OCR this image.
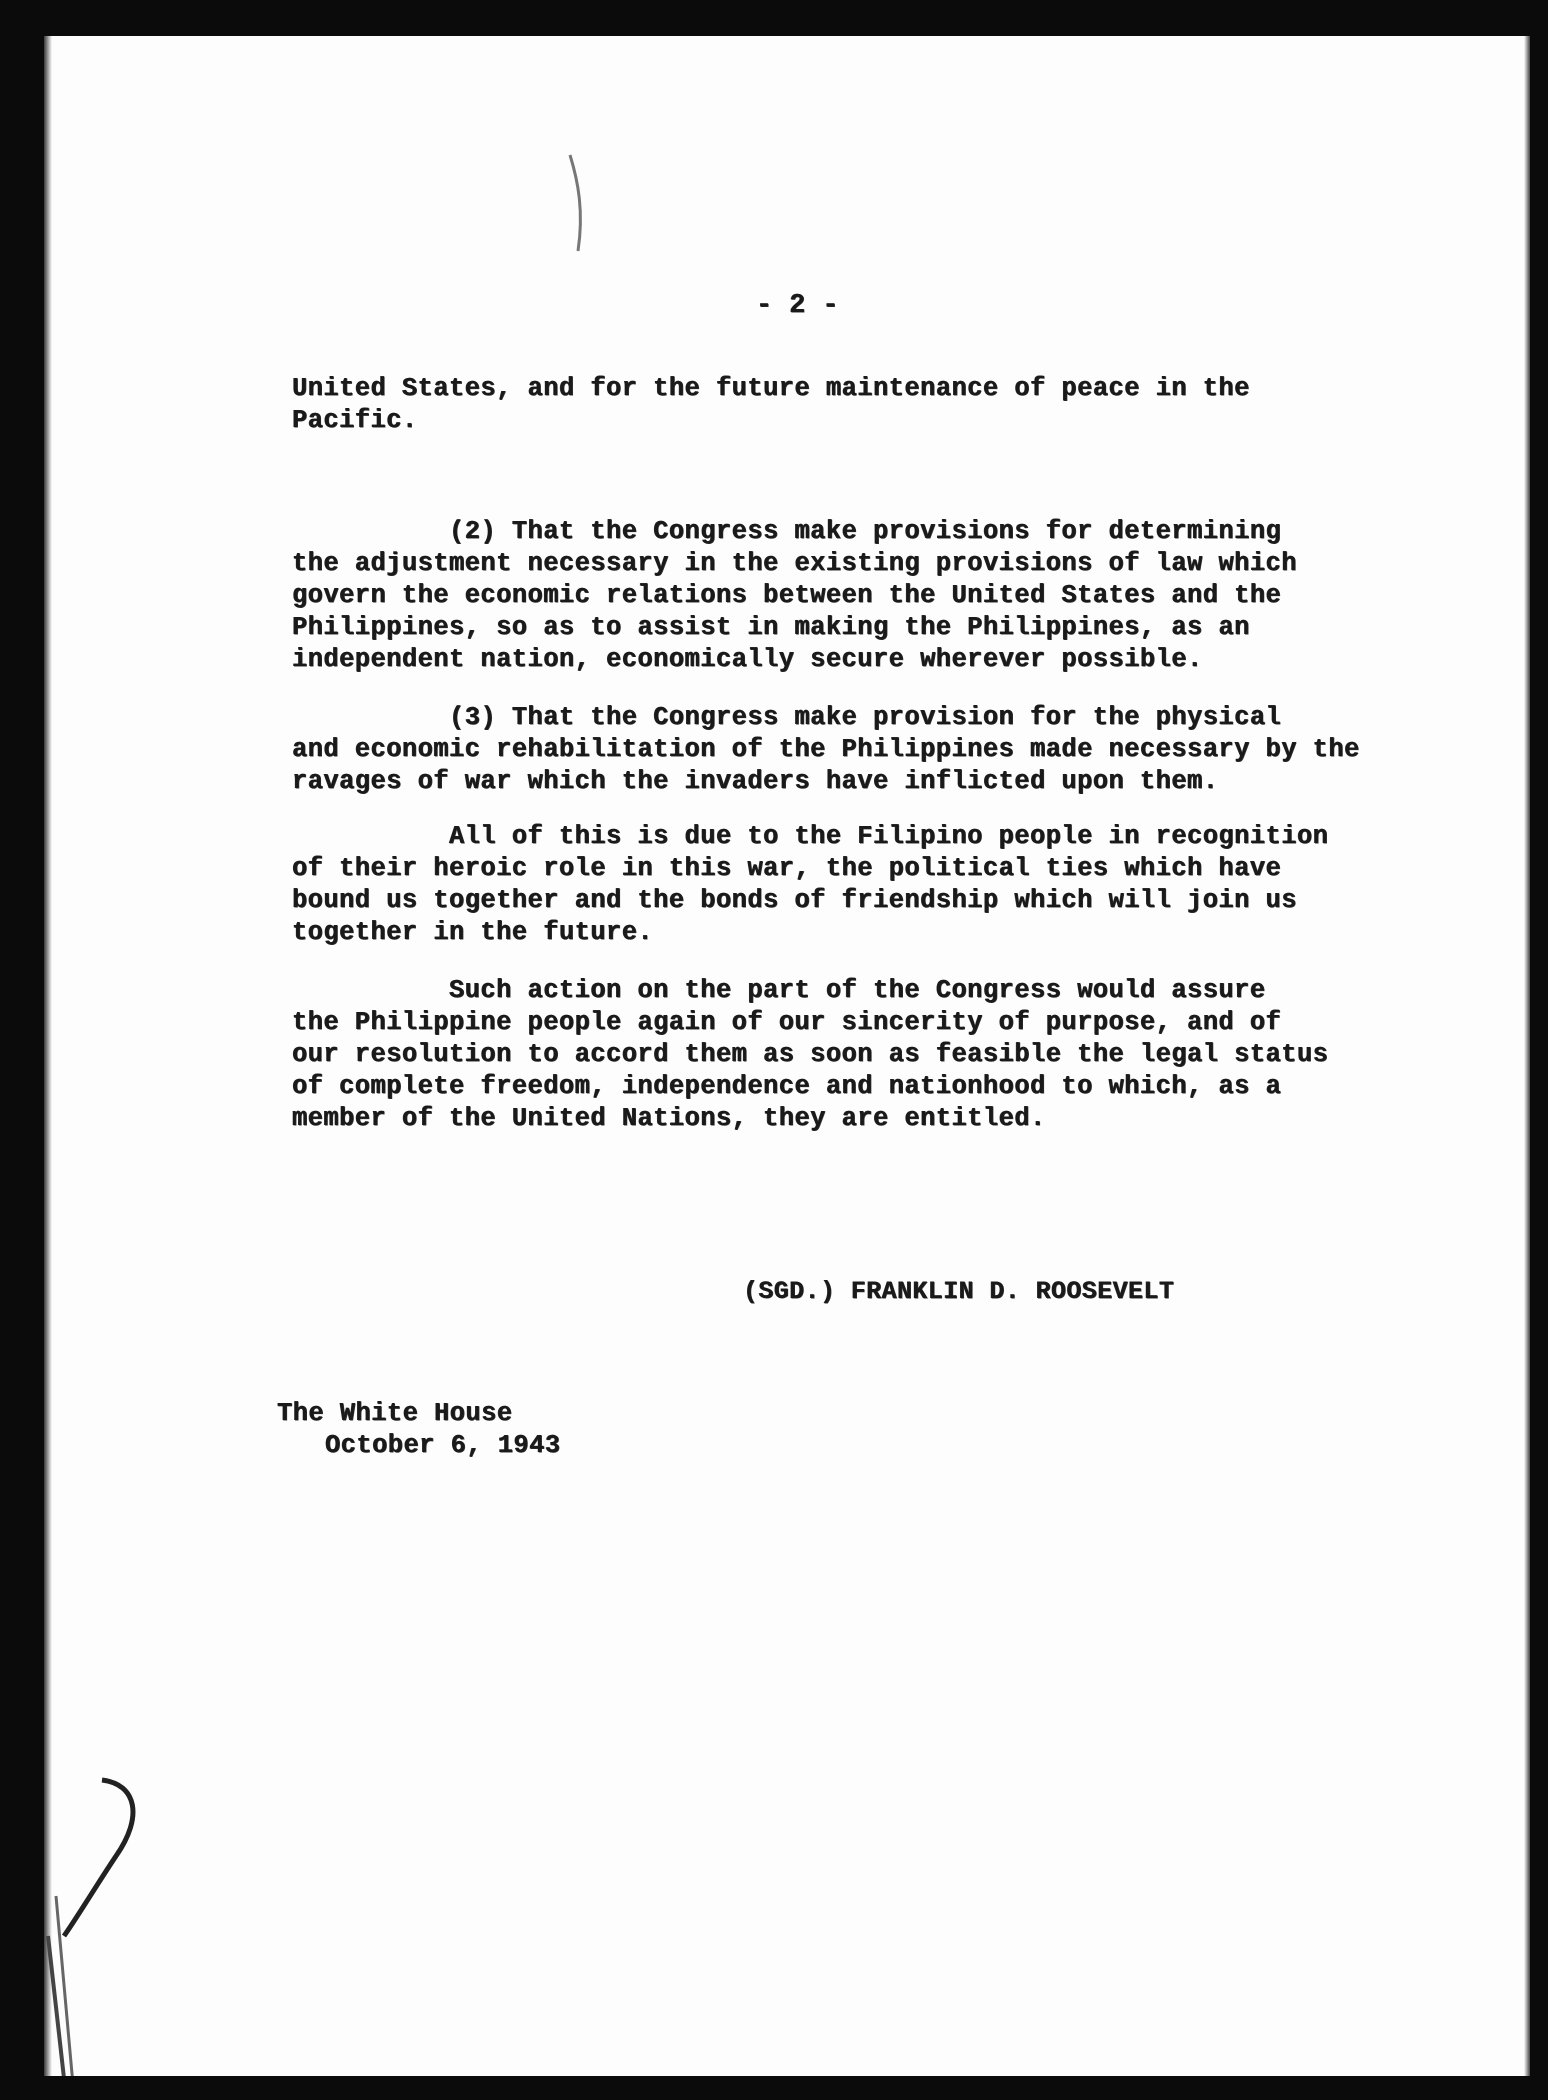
- 2 -
United States, and for the future maintenance of peace in the
Pacific.
(2) That the Congress make provisions for determining
the adjustment necessary in the existing provisions of law which
govern the economic relations between the United States and the
Philippines, so as to assist in making the Philippines, as an
independent nation, economically secure wherever possible.
(3) That the Congress make provision for the physical
and economic rehabilitation of the Philippines made necessary by the
ravages of war which the invaders have inflicted upon them.
All of this is due to the Filipino people in recognition
of their heroic role in this war, the political ties which have
bound us together and the bonds of friendship which will join us
together in the future.
Such action on the part of the Congress would assure
the Philippine people again of our sincerity of purpose, and of
our resolution to accord them as soon as feasible the legal status
of complete freedom, independence and nationhood to which, as a
member of the United Nations, they are entitled.
(SGD.) FRANKLIN D. ROOSEVELT
The White House
October 6, 1943
